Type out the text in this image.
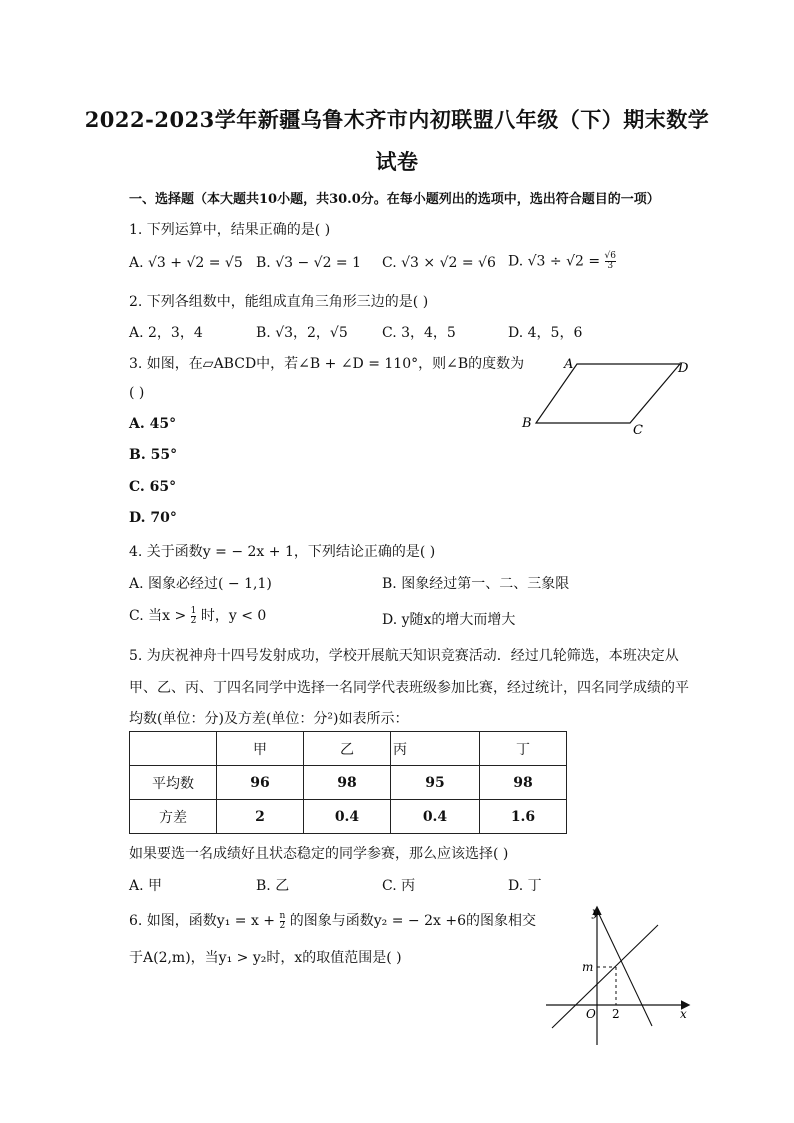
2022-2023学年新疆乌鲁木齐市内初联盟八年级（下）期末数学
试卷
一、选择题（本大题共10小题，共30.0分。在每小题列出的选项中，选出符合题目的一项）
1. 下列运算中，结果正确的是( )
A. √3 + √2 = √5 B. √3 − √2 = 1 C. √3 × √2 = √6 D. $√3 \div √2 = \frac{√6}{3}$
2. 下列各组数中，能组成直角三角形三边的是( )
A. 2，3，4	B. √3，2，√5 C. 3，4，5	D. 4，5，6
3. 如图，在▱ABCD中，若∠B + ∠D = 110°，则∠B的度数为
( )
A. 45°
B. 55°
C. 65°
D. 70°
A	D
B	C
4. 关于函数y = − 2x + 1，下列结论正确的是( )
A. 图象必经过( − 1,1)	B. 图象经过第一、二、三象限
C. 当$x > \frac{1}{2}$ 时，y < 0	D. y随x的增大而增大
5. 为庆祝神舟十四号发射成功，学校开展航天知识竞赛活动．经过几轮筛选，本班决定从
甲、乙、丙、丁四名同学中选择一名同学代表班级参加比赛，经过统计，四名同学成绩的平
均数(单位：分)及方差(单位：分²)如表所示：
	甲	乙	丙	丁
平均数	96	98	95	98
方差	2	0.4	0.4	1.6
如果要选一名成绩好且状态稳定的同学参赛，那么应该选择( )
A. 甲	B. 乙	C. 丙	D. 丁
6. 如图，函数$y_1 = x + \frac{n}{2}$ 的图象与函数y₂ = − 2x +6的图象相交
于A(2,m)，当y₁ > y₂时，x的取值范围是( )
y
x
m
O 2
